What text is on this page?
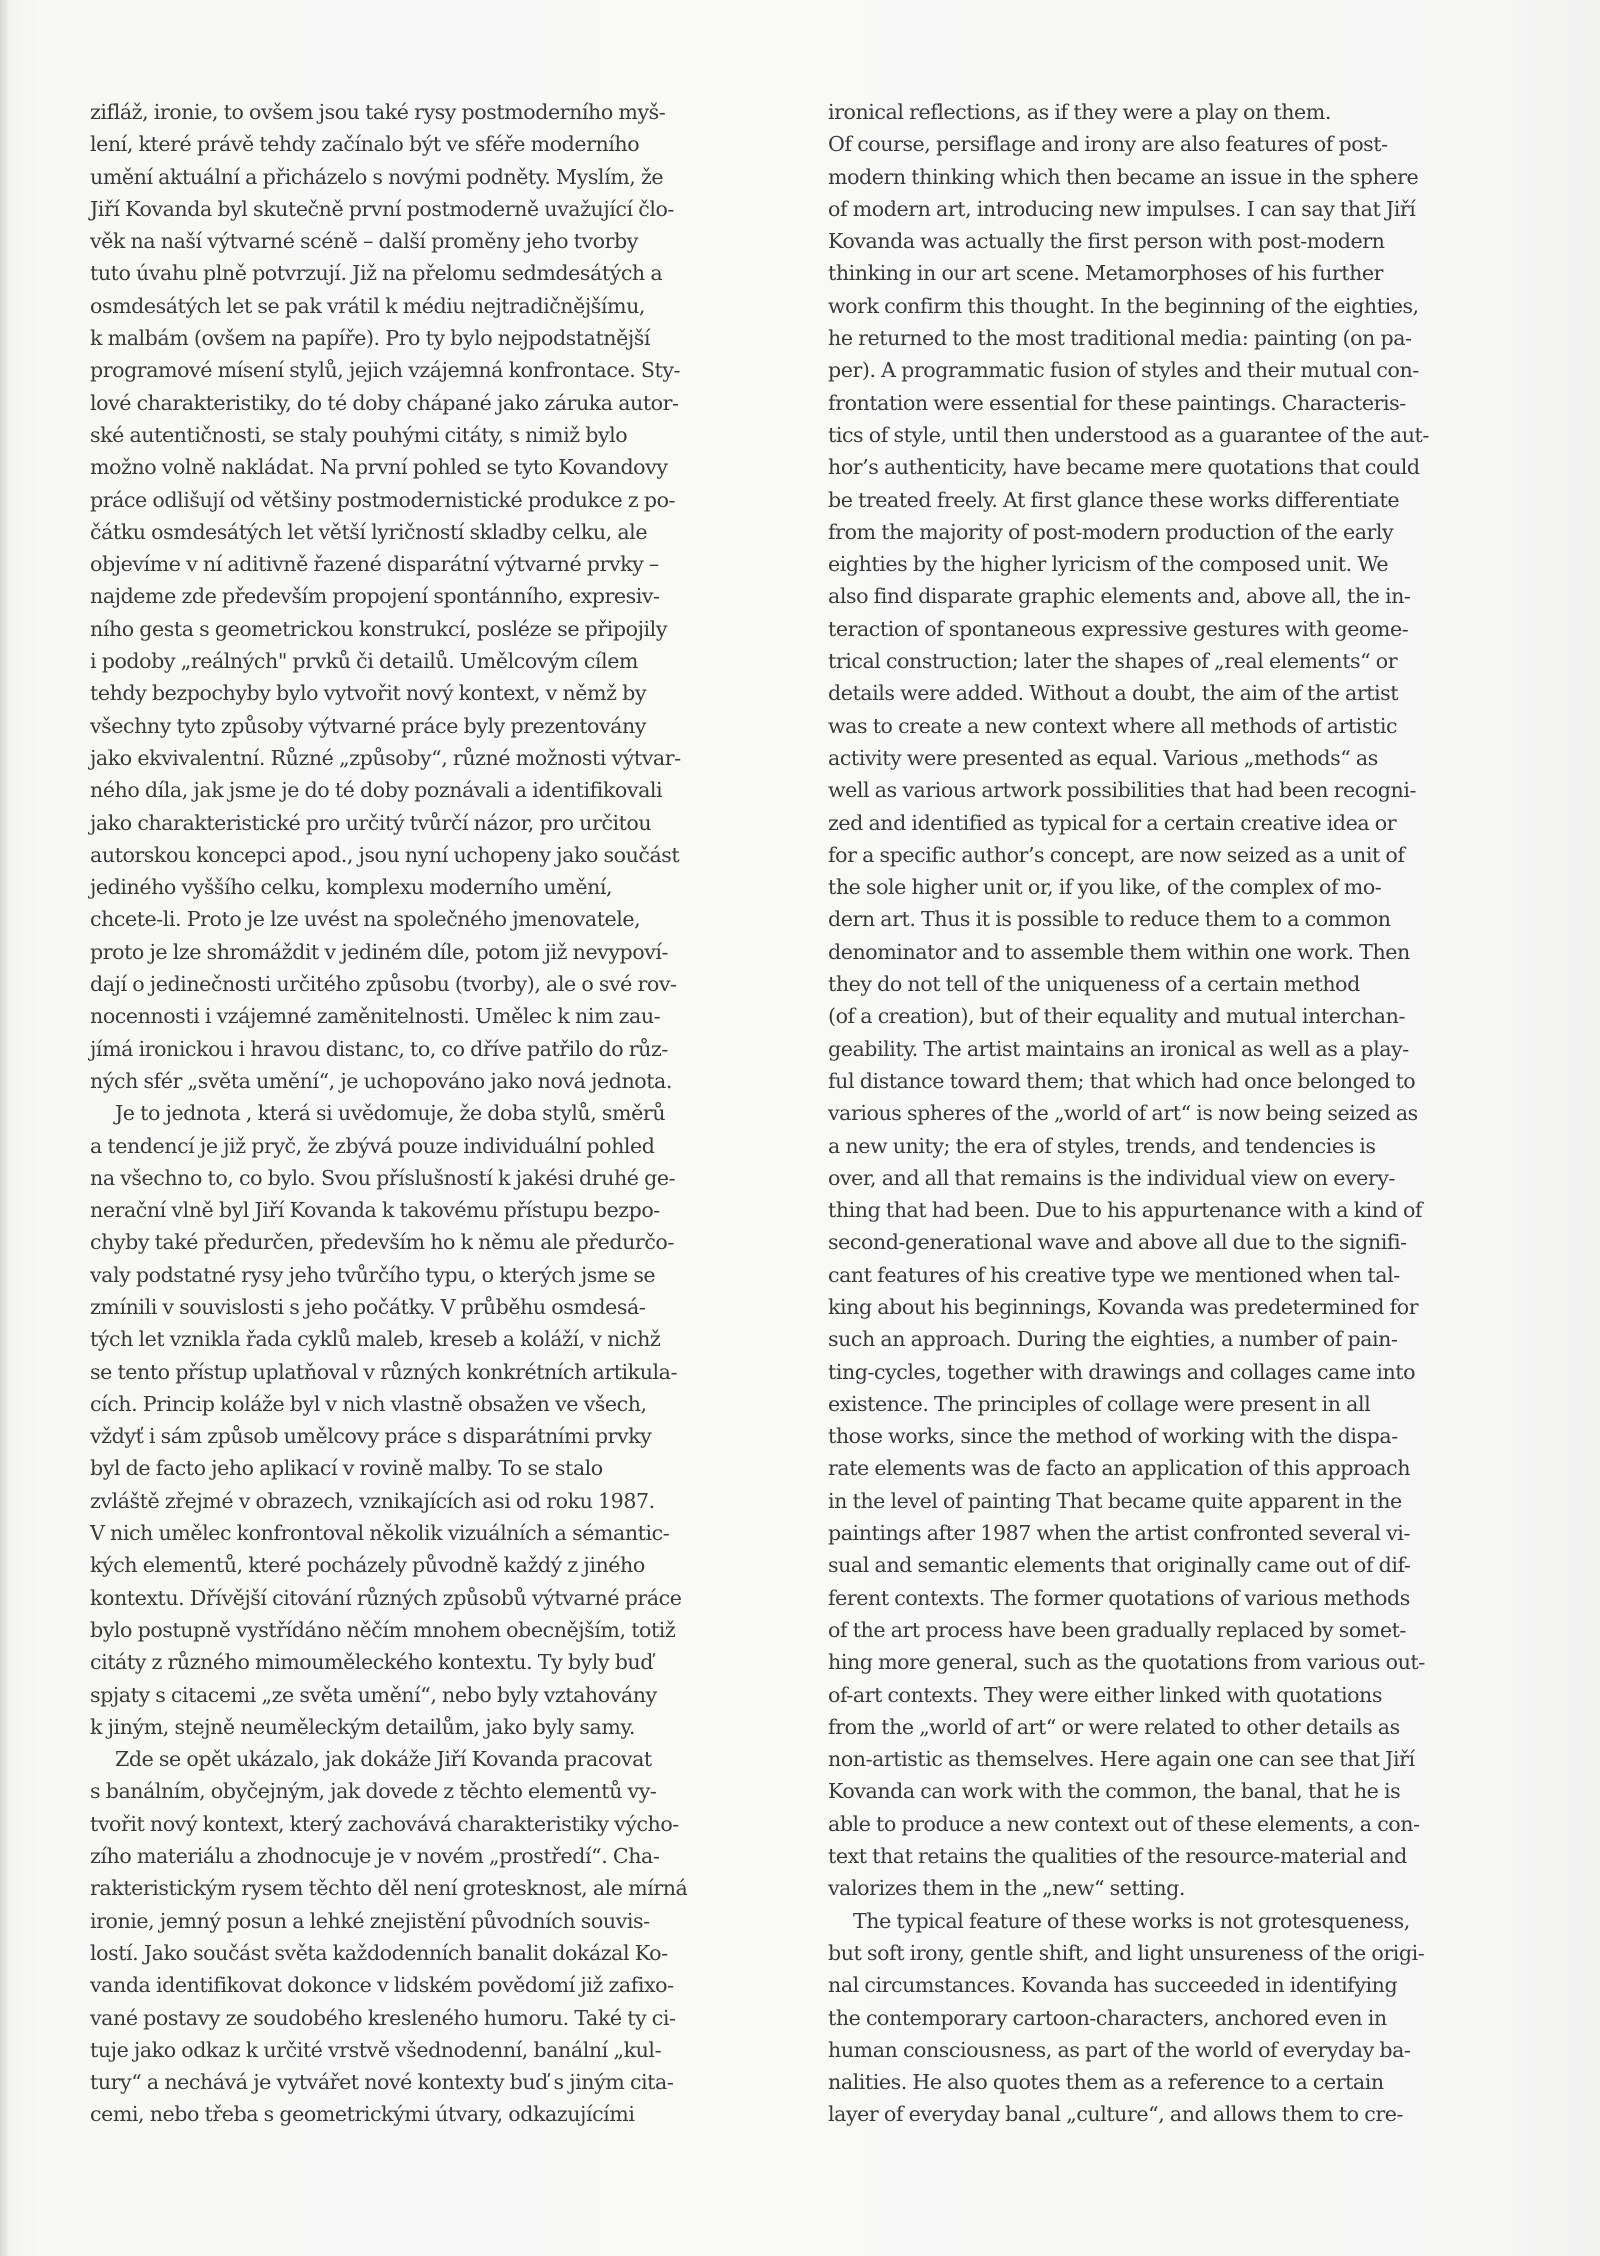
zifláž, ironie, to ovšem jsou také rysy postmoderního myš-
lení, které právě tehdy začínalo být ve sféře moderního
umění aktuální a přicházelo s novými podněty. Myslím, že
Jiří Kovanda byl skutečně první postmoderně uvažující člo-
věk na naší výtvarné scéně – další proměny jeho tvorby
tuto úvahu plně potvrzují. Již na přelomu sedmdesátých a
osmdesátých let se pak vrátil k médiu nejtradičnějšímu,
k malbám (ovšem na papíře). Pro ty bylo nejpodstatnější
programové mísení stylů, jejich vzájemná konfrontace. Sty-
lové charakteristiky, do té doby chápané jako záruka autor-
ské autentičnosti, se staly pouhými citáty, s nimiž bylo
možno volně nakládat. Na první pohled se tyto Kovandovy
práce odlišují od většiny postmodernistické produkce z po-
čátku osmdesátých let větší lyričností skladby celku, ale
objevíme v ní aditivně řazené disparátní výtvarné prvky –
najdeme zde především propojení spontánního, expresiv-
ního gesta s geometrickou konstrukcí, posléze se připojily
i podoby „reálných" prvků či detailů. Umělcovým cílem
tehdy bezpochyby bylo vytvořit nový kontext, v němž by
všechny tyto způsoby výtvarné práce byly prezentovány
jako ekvivalentní. Různé „způsoby“, různé možnosti výtvar-
ného díla, jak jsme je do té doby poznávali a identifikovali
jako charakteristické pro určitý tvůrčí názor, pro určitou
autorskou koncepci apod., jsou nyní uchopeny jako součást
jediného vyššího celku, komplexu moderního umění,
chcete-li. Proto je lze uvést na společného jmenovatele,
proto je lze shromáždit v jediném díle, potom již nevypoví-
dají o jedinečnosti určitého způsobu (tvorby), ale o své rov-
nocennosti i vzájemné zaměnitelnosti. Umělec k nim zau-
jímá ironickou i hravou distanc, to, co dříve patřilo do růz-
ných sfér „světa umění“, je uchopováno jako nová jednota.
Je to jednota , která si uvědomuje, že doba stylů, směrů
a tendencí je již pryč, že zbývá pouze individuální pohled
na všechno to, co bylo. Svou příslušností k jakési druhé ge-
nerační vlně byl Jiří Kovanda k takovému přístupu bezpo-
chyby také předurčen, především ho k němu ale předurčo-
valy podstatné rysy jeho tvůrčího typu, o kterých jsme se
zmínili v souvislosti s jeho počátky. V průběhu osmdesá-
tých let vznikla řada cyklů maleb, kreseb a koláží, v nichž
se tento přístup uplatňoval v různých konkrétních artikula-
cích. Princip koláže byl v nich vlastně obsažen ve všech,
vždyť i sám způsob umělcovy práce s disparátními prvky
byl de facto jeho aplikací v rovině malby. To se stalo
zvláště zřejmé v obrazech, vznikajících asi od roku 1987.
V nich umělec konfrontoval několik vizuálních a sémantic-
kých elementů, které pocházely původně každý z jiného
kontextu. Dřívější citování různých způsobů výtvarné práce
bylo postupně vystřídáno něčím mnohem obecnějším, totiž
citáty z různého mimouměleckého kontextu. Ty byly buď
spjaty s citacemi „ze světa umění“, nebo byly vztahovány
k jiným, stejně neuměleckým detailům, jako byly samy.
Zde se opět ukázalo, jak dokáže Jiří Kovanda pracovat
s banálním, obyčejným, jak dovede z těchto elementů vy-
tvořit nový kontext, který zachovává charakteristiky výcho-
zího materiálu a zhodnocuje je v novém „prostředí“. Cha-
rakteristickým rysem těchto děl není grotesknost, ale mírná
ironie, jemný posun a lehké znejistění původních souvis-
lostí. Jako součást světa každodenních banalit dokázal Ko-
vanda identifikovat dokonce v lidském povědomí již zafixo-
vané postavy ze soudobého kresleného humoru. Také ty ci-
tuje jako odkaz k určité vrstvě všednodenní, banální „kul-
tury“ a nechává je vytvářet nové kontexty buď s jiným cita-
cemi, nebo třeba s geometrickými útvary, odkazujícími
ironical reflections, as if they were a play on them.
Of course, persiflage and irony are also features of post-
modern thinking which then became an issue in the sphere
of modern art, introducing new impulses. I can say that Jiří
Kovanda was actually the first person with post-modern
thinking in our art scene. Metamorphoses of his further
work confirm this thought. In the beginning of the eighties,
he returned to the most traditional media: painting (on pa-
per). A programmatic fusion of styles and their mutual con-
frontation were essential for these paintings. Characteris-
tics of style, until then understood as a guarantee of the aut-
hor’s authenticity, have became mere quotations that could
be treated freely. At first glance these works differentiate
from the majority of post-modern production of the early
eighties by the higher lyricism of the composed unit. We
also find disparate graphic elements and, above all, the in-
teraction of spontaneous expressive gestures with geome-
trical construction; later the shapes of „real elements“ or
details were added. Without a doubt, the aim of the artist
was to create a new context where all methods of artistic
activity were presented as equal. Various „methods“ as
well as various artwork possibilities that had been recogni-
zed and identified as typical for a certain creative idea or
for a specific author’s concept, are now seized as a unit of
the sole higher unit or, if you like, of the complex of mo-
dern art. Thus it is possible to reduce them to a common
denominator and to assemble them within one work. Then
they do not tell of the uniqueness of a certain method
(of a creation), but of their equality and mutual interchan-
geability. The artist maintains an ironical as well as a play-
ful distance toward them; that which had once belonged to
various spheres of the „world of art“ is now being seized as
a new unity; the era of styles, trends, and tendencies is
over, and all that remains is the individual view on every-
thing that had been. Due to his appurtenance with a kind of
second-generational wave and above all due to the signifi-
cant features of his creative type we mentioned when tal-
king about his beginnings, Kovanda was predetermined for
such an approach. During the eighties, a number of pain-
ting-cycles, together with drawings and collages came into
existence. The principles of collage were present in all
those works, since the method of working with the dispa-
rate elements was de facto an application of this approach
in the level of painting That became quite apparent in the
paintings after 1987 when the artist confronted several vi-
sual and semantic elements that originally came out of dif-
ferent contexts. The former quotations of various methods
of the art process have been gradually replaced by somet-
hing more general, such as the quotations from various out-
of-art contexts. They were either linked with quotations
from the „world of art“ or were related to other details as
non-artistic as themselves. Here again one can see that Jiří
Kovanda can work with the common, the banal, that he is
able to produce a new context out of these elements, a con-
text that retains the qualities of the resource-material and
valorizes them in the „new“ setting.
The typical feature of these works is not grotesqueness,
but soft irony, gentle shift, and light unsureness of the origi-
nal circumstances. Kovanda has succeeded in identifying
the contemporary cartoon-characters, anchored even in
human consciousness, as part of the world of everyday ba-
nalities. He also quotes them as a reference to a certain
layer of everyday banal „culture“, and allows them to cre-
